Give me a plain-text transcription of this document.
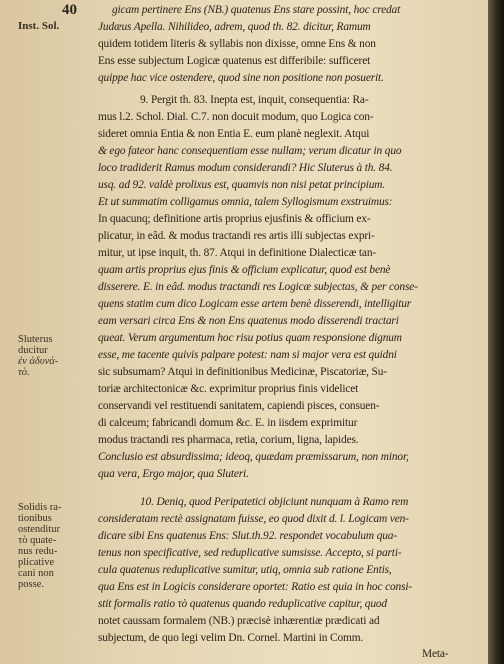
40
Inst. Sol.
Sluterus
ducitur
ἐν ἀδυνά-
τὸ.
Solidis ra-
tionibus
ostenditur
τὸ quate-
nus redu-
plicative
cani non
posse.
gicam pertinere Ens (NB.) quatenus Ens stare possint, hoc credat
Judæus Apella. Nihilideo, adrem, quod th. 82. dicitur, Ramum
quidem totidem literis & syllabis non dixisse, omne Ens & non
Ens esse subjectum Logicæ quatenus est differibile: sufficeret
quippe hac vice ostendere, quod sine non positione non posuerit.
9. Pergit th. 83. Inepta est, inquit, consequentia: Ra-
mus l.2. Schol. Dial. C.7. non docuit modum, quo Logica con-
sideret omnia Entia & non Entia E. eum planè neglexit. Atqui
& ego fateor hanc consequentiam esse nullam; verum dicatur in quo
loco tradiderit Ramus modum considerandi? Hic Sluterus à th. 84.
usq. ad 92. valdè prolixus est, quamvis non nisi petat principium.
Et ut summatim colligamus omnia, talem Syllogismum exstruimus:
In quacunq; definitione artis proprius ejusfinis & officium ex-
plicatur, in eâd. & modus tractandi res artis illi subjectas expri-
mitur, ut ipse inquit, th. 87. Atqui in definitione Dialecticæ tan-
quam artis proprius ejus finis & officium explicatur, quod est benè
disserere. E. in eâd. modus tractandi res Logicæ subjectas, & per conse-
quens statim cum dico Logicam esse artem benè disserendi, intelligitur
eam versari circa Ens & non Ens quatenus modo disserendi tractari
queat. Verum argumentum hoc risu potius quam responsione dignum
esse, me tacente quivis palpare potest: nam si major vera est quidni
sic subsumam? Atqui in definitionibus Medicinæ, Piscatoriæ, Su-
toriæ architectonicæ &c. exprimitur proprius finis videlicet
conservandi vel restituendi sanitatem, capiendi pisces, consuen-
di calceum; fabricandi domum &c. E. in iisdem exprimitur
modus tractandi res pharmaca, retia, corium, ligna, lapides.
Conclusio est absurdissima; ideoq, quædam præmissarum, non minor,
qua vera, Ergo major, qua Sluteri.
10. Deniq, quod Peripatetici objiciunt nunquam à Ramo rem
consideratam rectè assignatam fuisse, eo quod dixit d. l. Logicam ven-
dicare sibi Ens quatenus Ens: Slut.th.92. respondet vocabulum qua-
tenus non specificative, sed reduplicative sumsisse. Accepto, si parti-
cula quatenus reduplicative sumitur, utiq, omnia sub ratione Entis,
qua Ens est in Logicis considerare oportet: Ratio est quia in hoc consi-
stit formalis ratio τὸ quatenus quando reduplicative capitur, quod
notet caussam formalem (NB.) præcisè inhærentiæ prædicati ad
subjectum, de quo legi velim Dn. Cornel. Martini in Comm.
Meta-
